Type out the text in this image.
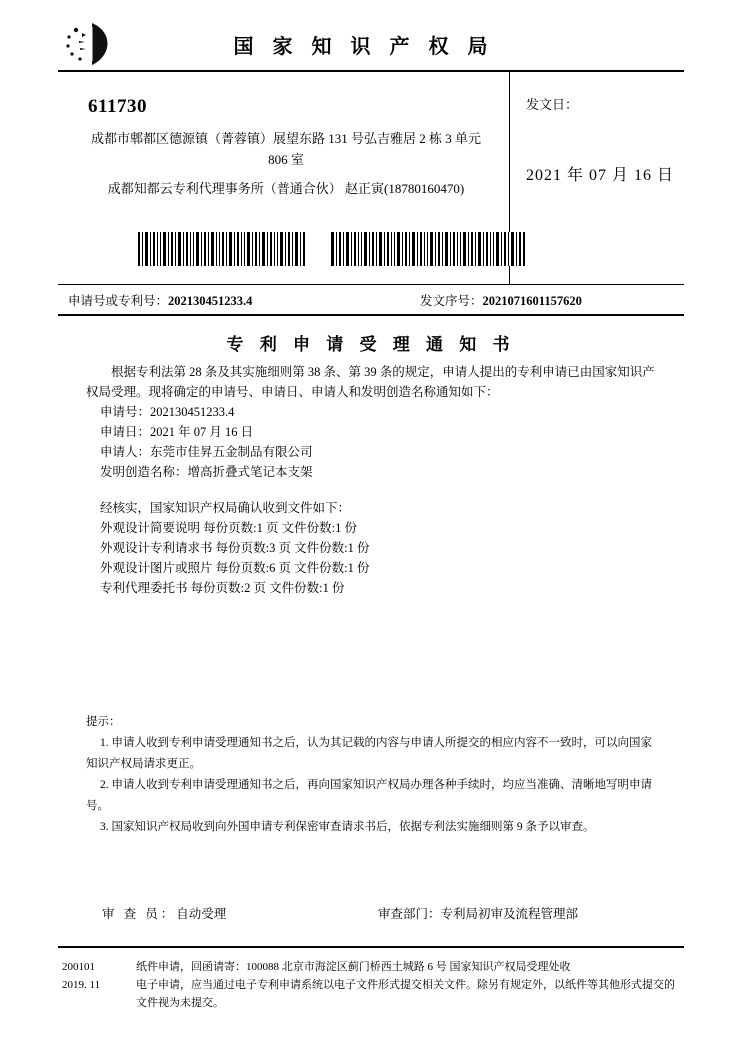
国 家 知 识 产 权 局
611730
成都市郫都区德源镇（菁蓉镇）展望东路 131 号弘吉雅居 2 栋 3 单元
806 室
成都知都云专利代理事务所（普通合伙） 赵正寅(18780160470)
发文日：
2021 年 07 月 16 日
申请号或专利号：202130451233.4	发文序号：2021071601157620
专 利 申 请 受 理 通 知 书
根据专利法第 28 条及其实施细则第 38 条、第 39 条的规定，申请人提出的专利申请已由国家知识产权局受理。现将确定的申请号、申请日、申请人和发明创造名称通知如下：
申请号：202130451233.4
申请日：2021 年 07 月 16 日
申请人：东莞市佳昇五金制品有限公司
发明创造名称：增高折叠式笔记本支架
经核实，国家知识产权局确认收到文件如下：
外观设计简要说明 每份页数:1 页 文件份数:1 份
外观设计专利请求书 每份页数:3 页 文件份数:1 份
外观设计图片或照片 每份页数:6 页 文件份数:1 份
专利代理委托书 每份页数:2 页 文件份数:1 份
提示：
1. 申请人收到专利申请受理通知书之后，认为其记载的内容与申请人所提交的相应内容不一致时，可以向国家知识产权局请求更正。
2. 申请人收到专利申请受理通知书之后，再向国家知识产权局办理各种手续时，均应当准确、清晰地写明申请号。
3. 国家知识产权局收到向外国申请专利保密审查请求书后，依据专利法实施细则第 9 条予以审查。
审 查 员：自动受理	审查部门：专利局初审及流程管理部
200101
2019. 11
纸件申请，回函请寄：100088 北京市海淀区蓟门桥西土城路 6 号 国家知识产权局受理处收
电子申请，应当通过电子专利申请系统以电子文件形式提交相关文件。除另有规定外，以纸件等其他形式提交的
文件视为未提交。
